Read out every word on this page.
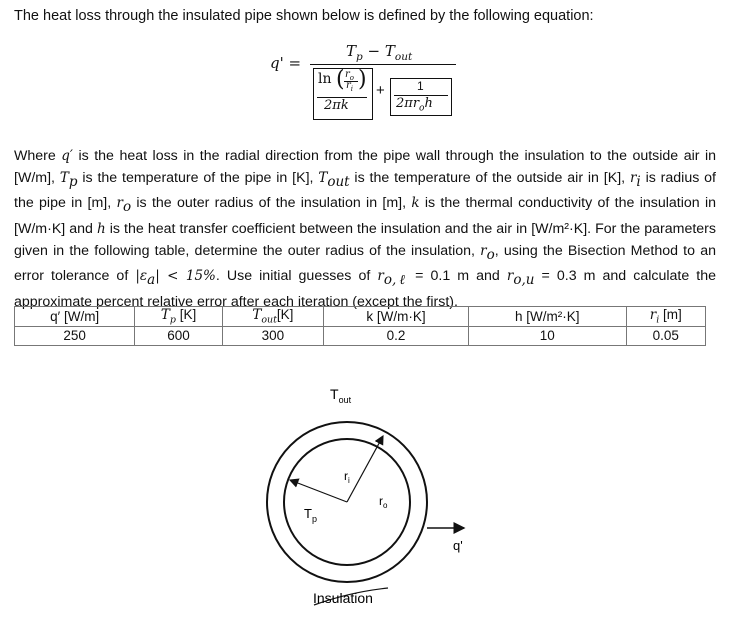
The heat loss through the insulated pipe shown below is defined by the following equation:
q' =
$T_p - T_{out}$
ln ( $r_o$
$r_i$ )
2πk
+	1
$2\pi r_oh$
Where q′ is the heat loss in the radial direction from the pipe wall through the insulation to the outside air in [W/m], $T_p$ is the temperature of the pipe in [K], $T_{out}$ is the temperature of the outside air in [K], $r_i$ is radius of the pipe in [m], $r_o$ is the outer radius of the insulation in [m], k is the thermal conductivity of the insulation in [W/m·K] and h is the heat transfer coefficient between the insulation and the air in [W/m²·K]. For the parameters given in the following table, determine the outer radius of the insulation, $r_o$, using the Bisection Method to an error tolerance of $|\varepsilon_a| < 15\%$. Use initial guesses of $r_{o,\ell} = 0.1$ m and $r_{o,u} = 0.3$ m and calculate the approximate percent relative error after each iteration (except the first).
q′ [W/m]	$T_p$ [K]	$T_{out}[K]$	k [W/m·K]	h [W/m²·K]	$r_i$ [m]
250	600	300	0.2	10	0.05
$T_{out}$
$r_i$
$r_o$
$T_p$
q'
Insulation
